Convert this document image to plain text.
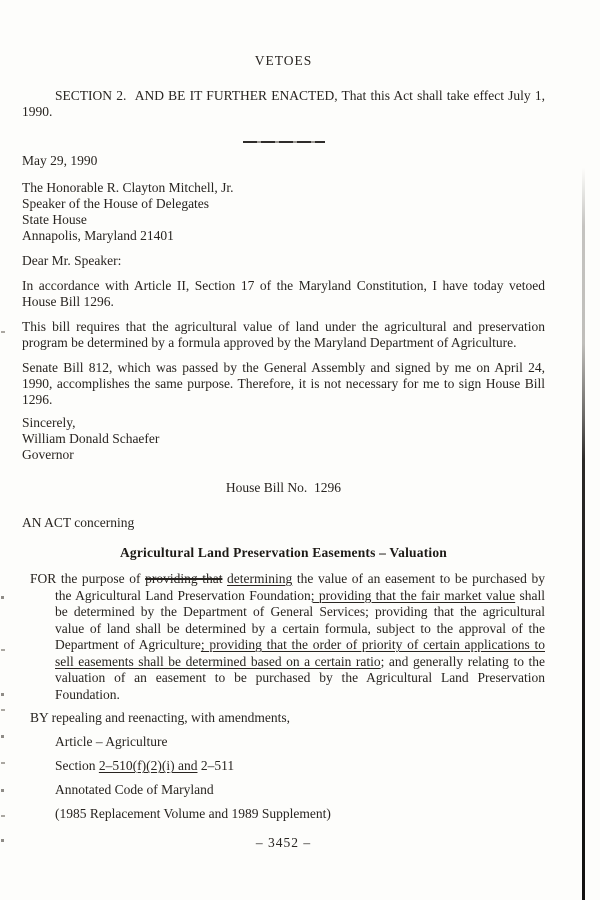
VETOES

SECTION 2.  AND BE IT FURTHER ENACTED, That this Act shall take effect July 1, 1990.

May 29, 1990

The Honorable R. Clayton Mitchell, Jr.
Speaker of the House of Delegates
State House
Annapolis, Maryland 21401

Dear Mr. Speaker:

In accordance with Article II, Section 17 of the Maryland Constitution, I have today vetoed House Bill 1296.

This bill requires that the agricultural value of land under the agricultural and preservation program be determined by a formula approved by the Maryland Department of Agriculture.

Senate Bill 812, which was passed by the General Assembly and signed by me on April 24, 1990, accomplishes the same purpose. Therefore, it is not necessary for me to sign House Bill 1296.

Sincerely,
William Donald Schaefer
Governor
House Bill No.  1296

AN ACT concerning

Agricultural Land Preservation Easements – Valuation

FOR the purpose of providing that determining the value of an easement to be purchased by the Agricultural Land Preservation Foundation; providing that the fair market value shall be determined by the Department of General Services; providing that the agricultural value of land shall be determined by a certain formula, subject to the approval of the Department of Agriculture; providing that the order of priority of certain applications to sell easements shall be determined based on a certain ratio; and generally relating to the valuation of an easement to be purchased by the Agricultural Land Preservation Foundation.

BY repealing and reenacting, with amendments,
Article – Agriculture
Section 2–510(f)(2)(i) and 2–511
Annotated Code of Maryland
(1985 Replacement Volume and 1989 Supplement)
– 3452 –
